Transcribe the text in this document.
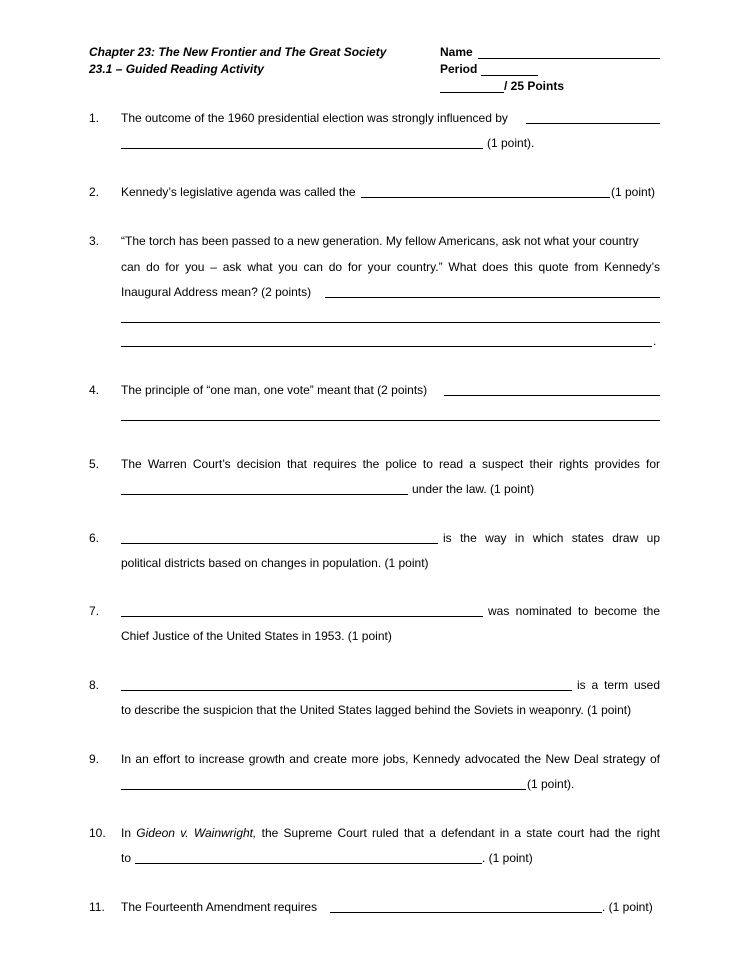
Chapter 23: The New Frontier and The Great Society
23.1 – Guided Reading Activity
Name
Period
/ 25 Points
1. The outcome of the 1960 presidential election was strongly influenced by
(1 point).
2. Kennedy’s legislative agenda was called the	(1 point)
3. “The torch has been passed to a new generation. My fellow Americans, ask not what your country
can do for you – ask what you can do for your country.” What does this quote from Kennedy’s
Inaugural Address mean? (2 points)
.
4. The principle of “one man, one vote” meant that (2 points)
5. The Warren Court’s decision that requires the police to read a suspect their rights provides for
under the law. (1 point)
6.	is the way in which states draw up
political districts based on changes in population. (1 point)
7.	was nominated to become the
Chief Justice of the United States in 1953. (1 point)
8.	is a term used
to describe the suspicion that the United States lagged behind the Soviets in weaponry. (1 point)
9. In an effort to increase growth and create more jobs, Kennedy advocated the New Deal strategy of
(1 point).
10. In Gideon v. Wainwright, the Supreme Court ruled that a defendant in a state court had the right
to	. (1 point)
11. The Fourteenth Amendment requires	. (1 point)
